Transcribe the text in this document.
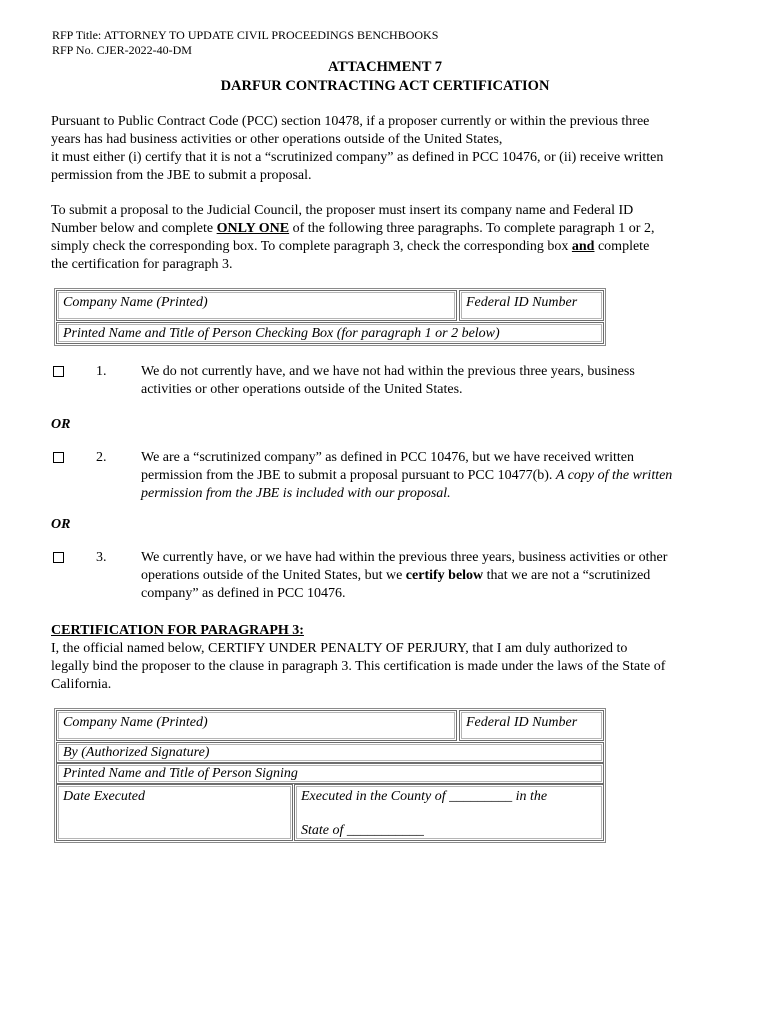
RFP Title: ATTORNEY TO UPDATE CIVIL PROCEEDINGS BENCHBOOKS
RFP No. CJER-2022-40-DM
ATTACHMENT 7
DARFUR CONTRACTING ACT CERTIFICATION

Pursuant to Public Contract Code (PCC) section 10478, if a proposer currently or within the previous three

years has had business activities or other operations outside of the United States,

it must either (i) certify that it is not a “scrutinized company” as defined in PCC 10476, or (ii) receive written

permission from the JBE to submit a proposal.

To submit a proposal to the Judicial Council, the proposer must insert its company name and Federal ID

Number below and complete ONLY ONE of the following three paragraphs. To complete paragraph 1 or 2,

simply check the corresponding box. To complete paragraph 3, check the corresponding box and complete

the certification for paragraph 3.

Company Name (Printed)	Federal ID Number
Printed Name and Title of Person Checking Box (for paragraph 1 or 2 below)
1. We do not currently have, and we have not had within the previous three years, business
activities or other operations outside of the United States.
OR
2. We are a “scrutinized company” as defined in PCC 10476, but we have received written
permission from the JBE to submit a proposal pursuant to PCC 10477(b). A copy of the written
permission from the JBE is included with our proposal.
OR
3. We currently have, or we have had within the previous three years, business activities or other
operations outside of the United States, but we certify below that we are not a “scrutinized
company” as defined in PCC 10476.

CERTIFICATION FOR PARAGRAPH 3:

I, the official named below, CERTIFY UNDER PENALTY OF PERJURY, that I am duly authorized to

legally bind the proposer to the clause in paragraph 3. This certification is made under the laws of the State of

California.

Company Name (Printed)	Federal ID Number
By (Authorized Signature)
Printed Name and Title of Person Signing
Date Executed	Executed in the County of _________ in the
State of ___________
